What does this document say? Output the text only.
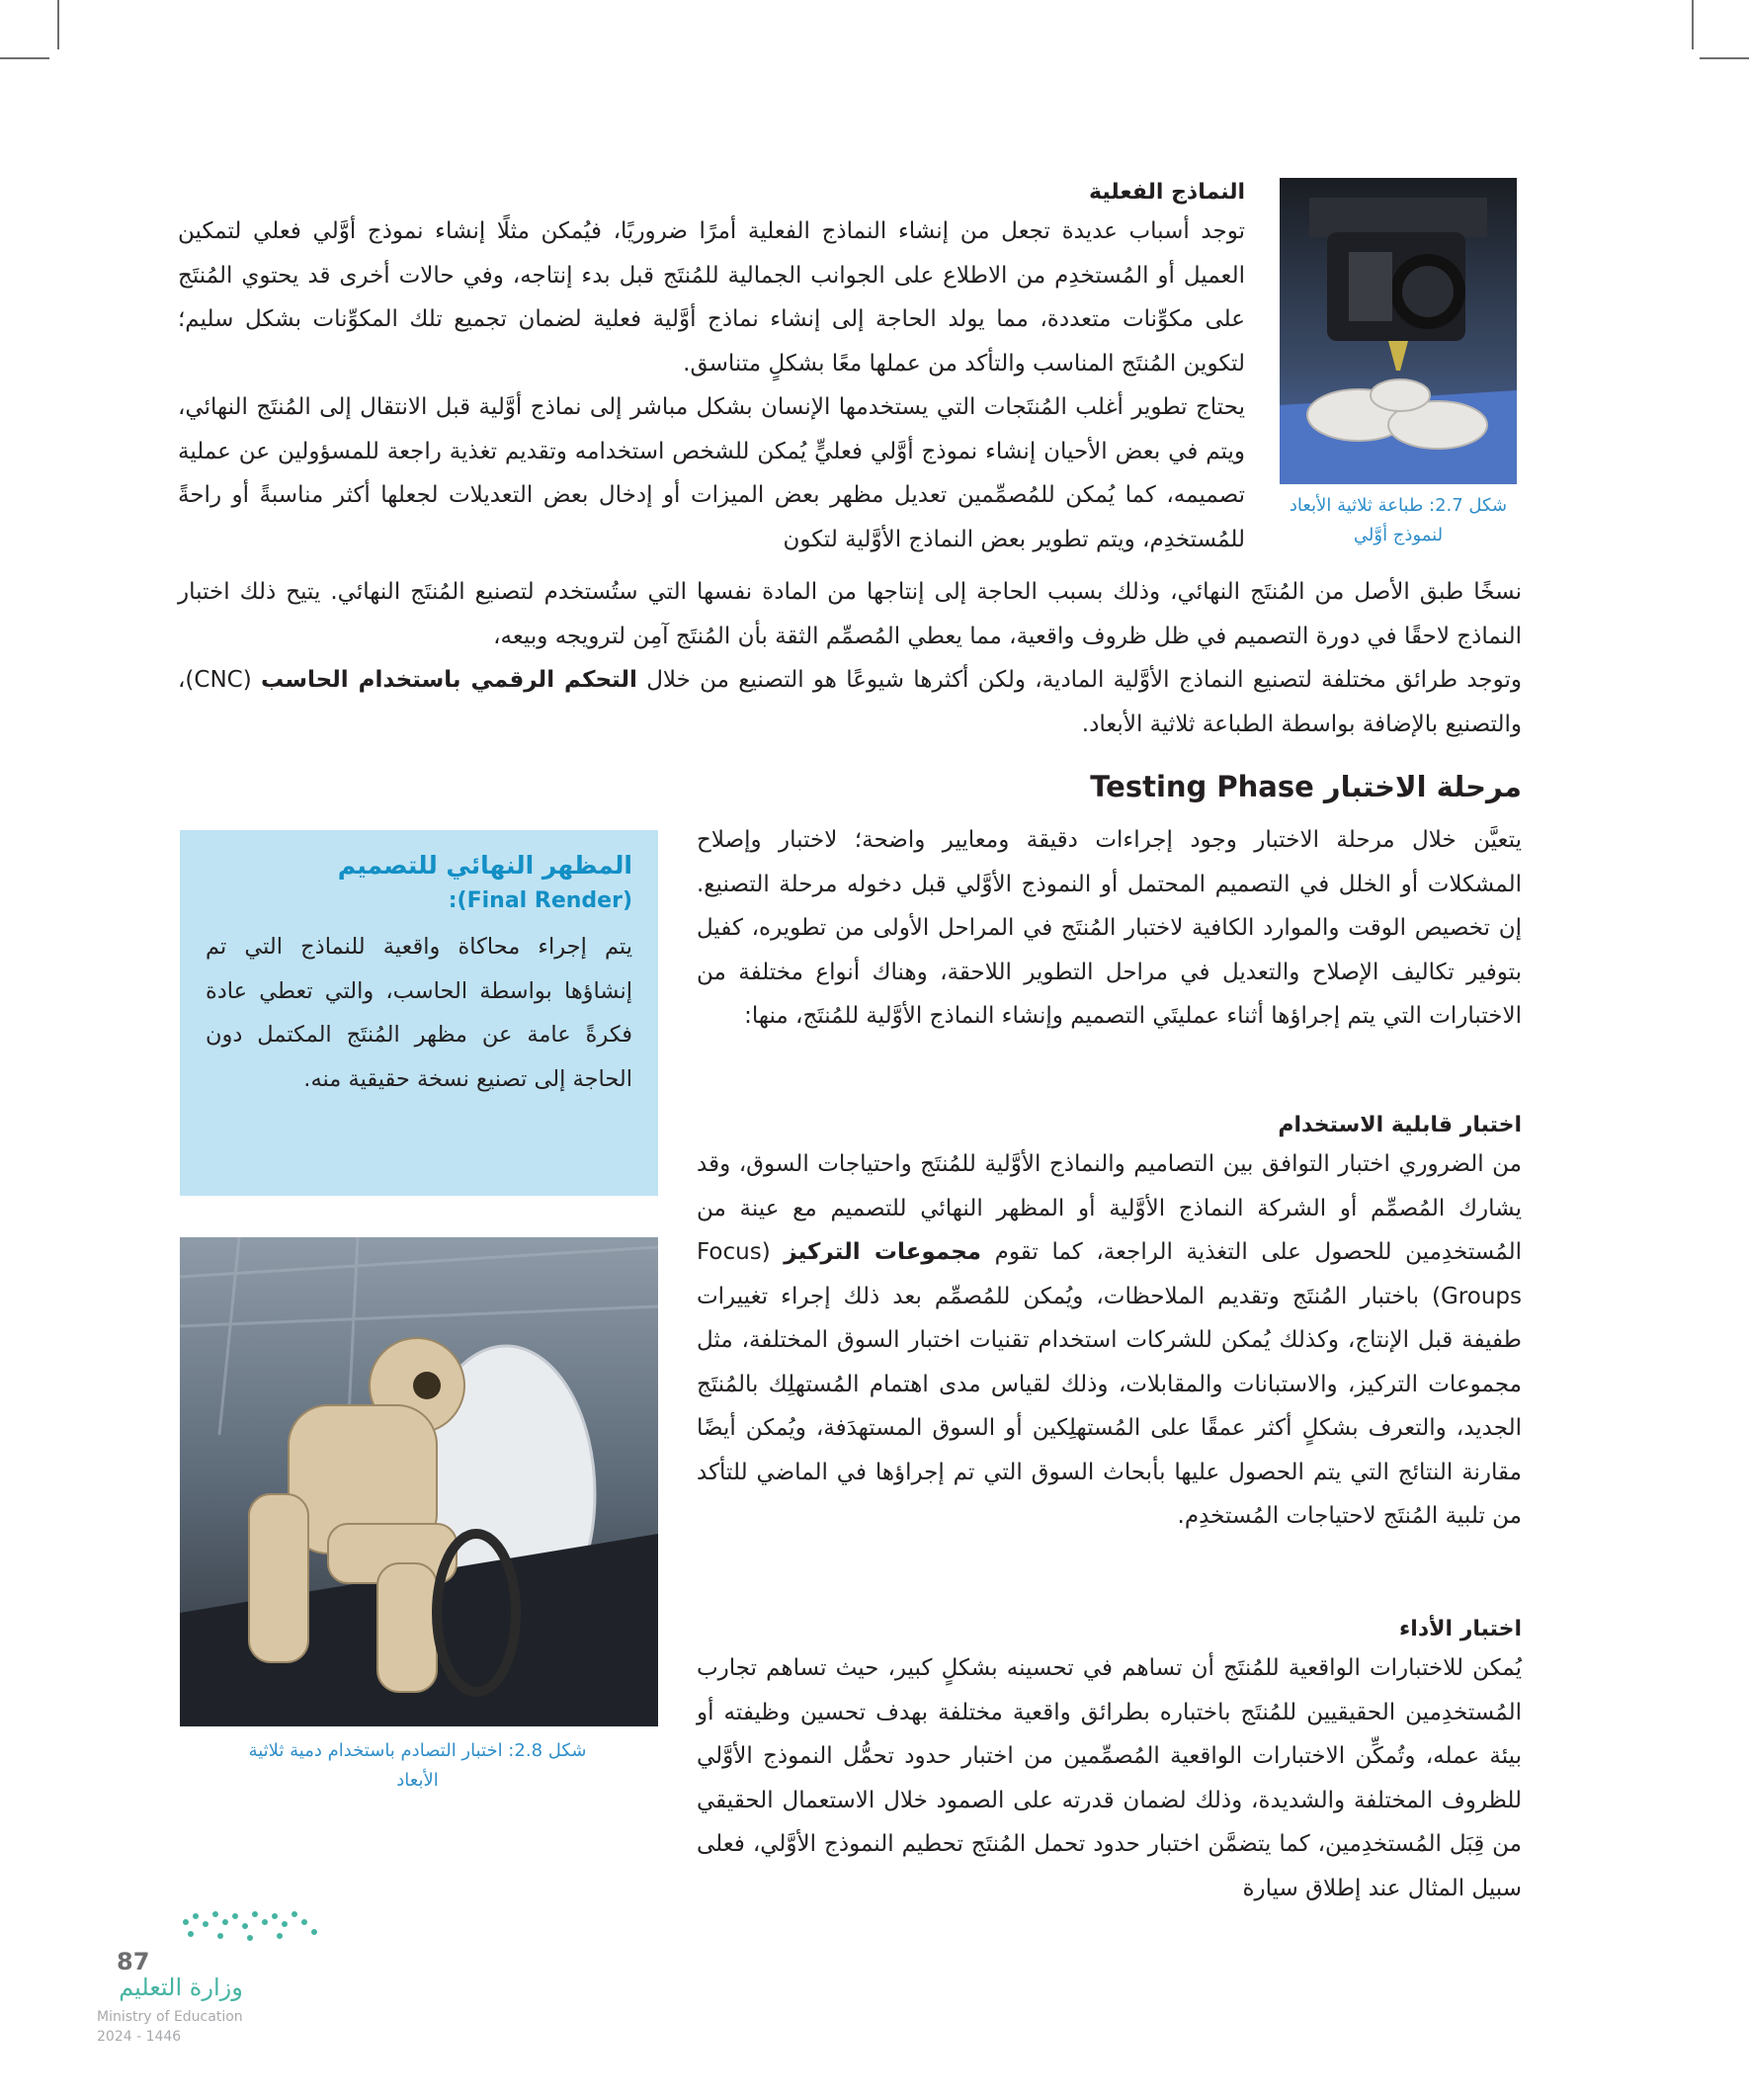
شكل 2.7: طباعة ثلاثية الأبعاد لنموذج أوَّلي

النماذج الفعلية

توجد أسباب عديدة تجعل من إنشاء النماذج الفعلية أمرًا ضروريًا، فيُمكن مثلًا إنشاء نموذج أوَّلي فعلي لتمكين العميل أو المُستخدِم من الاطلاع على الجوانب الجمالية للمُنتَج قبل بدء إنتاجه، وفي حالات أخرى قد يحتوي المُنتَج على مكوِّنات متعددة، مما يولد الحاجة إلى إنشاء نماذج أوَّلية فعلية لضمان تجميع تلك المكوِّنات بشكل سليم؛ لتكوين المُنتَج المناسب والتأكد من عملها معًا بشكلٍ متناسق.

يحتاج تطوير أغلب المُنتَجات التي يستخدمها الإنسان بشكل مباشر إلى نماذج أوَّلية قبل الانتقال إلى المُنتَج النهائي، ويتم في بعض الأحيان إنشاء نموذج أوَّلي فعليٍّ يُمكن للشخص استخدامه وتقديم تغذية راجعة للمسؤولين عن عملية تصميمه، كما يُمكن للمُصمِّمين تعديل مظهر بعض الميزات أو إدخال بعض التعديلات لجعلها أكثر مناسبةً أو راحةً للمُستخدِم، ويتم تطوير بعض النماذج الأوَّلية لتكون

نسخًا طبق الأصل من المُنتَج النهائي، وذلك بسبب الحاجة إلى إنتاجها من المادة نفسها التي ستُستخدم لتصنيع المُنتَج النهائي. يتيح ذلك اختبار النماذج لاحقًا في دورة التصميم في ظل ظروف واقعية، مما يعطي المُصمِّم الثقة بأن المُنتَج آمِن لترويجه وبيعه،

وتوجد طرائق مختلفة لتصنيع النماذج الأوَّلية المادية، ولكن أكثرها شيوعًا هو التصنيع من خلال التحكم الرقمي باستخدام الحاسب (CNC)، والتصنيع بالإضافة بواسطة الطباعة ثلاثية الأبعاد.

مرحلة الاختبار Testing Phase

يتعيَّن خلال مرحلة الاختبار وجود إجراءات دقيقة ومعايير واضحة؛ لاختبار وإصلاح المشكلات أو الخلل في التصميم المحتمل أو النموذج الأوَّلي قبل دخوله مرحلة التصنيع. إن تخصيص الوقت والموارد الكافية لاختبار المُنتَج في المراحل الأولى من تطويره، كفيل بتوفير تكاليف الإصلاح والتعديل في مراحل التطوير اللاحقة، وهناك أنواع مختلفة من الاختبارات التي يتم إجراؤها أثناء عمليتَي التصميم وإنشاء النماذج الأوَّلية للمُنتَج، منها:

المظهر النهائي للتصميم

(Final Render):

يتم إجراء محاكاة واقعية للنماذج التي تم إنشاؤها بواسطة الحاسب، والتي تعطي عادة فكرةً عامة عن مظهر المُنتَج المكتمل دون الحاجة إلى تصنيع نسخة حقيقية منه.

اختبار قابلية الاستخدام

من الضروري اختبار التوافق بين التصاميم والنماذج الأوَّلية للمُنتَج واحتياجات السوق، وقد يشارك المُصمِّم أو الشركة النماذج الأوَّلية أو المظهر النهائي للتصميم مع عينة من المُستخدِمين للحصول على التغذية الراجعة، كما تقوم مجموعات التركيز (Focus Groups) باختبار المُنتَج وتقديم الملاحظات، ويُمكن للمُصمِّم بعد ذلك إجراء تغييرات طفيفة قبل الإنتاج، وكذلك يُمكن للشركات استخدام تقنيات اختبار السوق المختلفة، مثل مجموعات التركيز، والاستبانات والمقابلات، وذلك لقياس مدى اهتمام المُستهلِك بالمُنتَج الجديد، والتعرف بشكلٍ أكثر عمقًا على المُستهلِكين أو السوق المستهدَفة، ويُمكن أيضًا مقارنة النتائج التي يتم الحصول عليها بأبحاث السوق التي تم إجراؤها في الماضي للتأكد من تلبية المُنتَج لاحتياجات المُستخدِم.

شكل 2.8: اختبار التصادم باستخدام دمية ثلاثية الأبعاد

اختبار الأداء

يُمكن للاختبارات الواقعية للمُنتَج أن تساهم في تحسينه بشكلٍ كبير، حيث تساهم تجارب المُستخدِمين الحقيقيين للمُنتَج باختباره بطرائق واقعية مختلفة بهدف تحسين وظيفته أو بيئة عمله، وتُمكِّن الاختبارات الواقعية المُصمِّمين من اختبار حدود تحمُّل النموذج الأوَّلي للظروف المختلفة والشديدة، وذلك لضمان قدرته على الصمود خلال الاستعمال الحقيقي من قِبَل المُستخدِمين، كما يتضمَّن اختبار حدود تحمل المُنتَج تحطيم النموذج الأوَّلي، فعلى سبيل المثال عند إطلاق سيارة

87
وزارة التعليم
Ministry of Education
2024 - 1446
